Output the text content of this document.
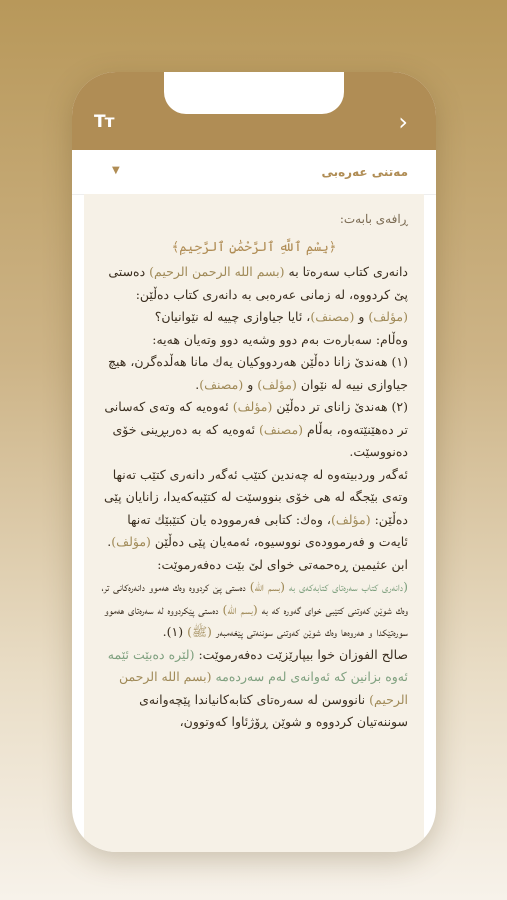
Tт	›
مەتنی عەرەبی
▼

ڕافەی بابەت:

﴿بِسْمِ ٱللَّهِ ٱلرَّحْمَٰنِ ٱلرَّحِيمِ﴾

دانەری كتاب سەرەتا بە (بسم الله الرحمن الرحيم) دەستی پێ كردووە، لە زمانی عەرەبی بە دانەری كتاب دەڵێن: (مؤلف) و (مصنف)، ئایا جیاوازی چییە لە نێوانیان؟

وەڵام: سەبارەت بەم دوو وشەیە دوو وتەیان هەیە:

(١) هەندێ زانا دەڵێن هەردووكیان یەك مانا هەڵدەگرن، هیچ جیاوازی نییە لە نێوان (مؤلف) و (مصنف).

(٢) هەندێ زانای تر دەڵێن (مؤلف) ئەوەیە كە وتەی كەسانی تر دەهێنێتەوە، بەڵام (مصنف) ئەوەیە كە بە دەربڕینی خۆی دەنووسێت.

ئەگەر وردبیتەوە لە چەندین كتێب ئەگەر دانەری كتێب تەنها وتەی بێجگە لە هی خۆی بنووسێت لە كتێبەكەیدا، زانایان پێی دەڵێن: (مؤلف)، وەك: كتابی فەرموودە یان كتێبێك تەنها ئایەت و فەرموودەی نووسیوە، ئەمەیان پێی دەڵێن (مؤلف).

ابن عثیمین ڕەحمەتی خوای لێ بێت دەفەرموێت:

(دانەری كتاب سەرەتای كتابەكەی بە (بسم الله) دەستی پێ كردووە وەك هەموو دانەرەكانی تر، وەك شوێن كەوتنی كتێبی خوای گەورە كە بە (بسم الله) دەستی پێكردووە لە سەرەتای هەموو سورەتێكدا و هەروەها وەك شوێن كەوتنی سوننەتی پێغەمبەر (ﷺ) (١).

صالح الفوزان خوا بیپارێزێت دەفەرموێت: (لێرە دەبێت ئێمە ئەوە بزانین كە ئەوانەی لەم سەردەمە (بسم الله الرحمن الرحيم) نانووسن لە سەرەتای كتابەكانیاندا پێچەوانەی سوننەتیان كردووە و شوێن ڕۆژئاوا كەوتوون،
